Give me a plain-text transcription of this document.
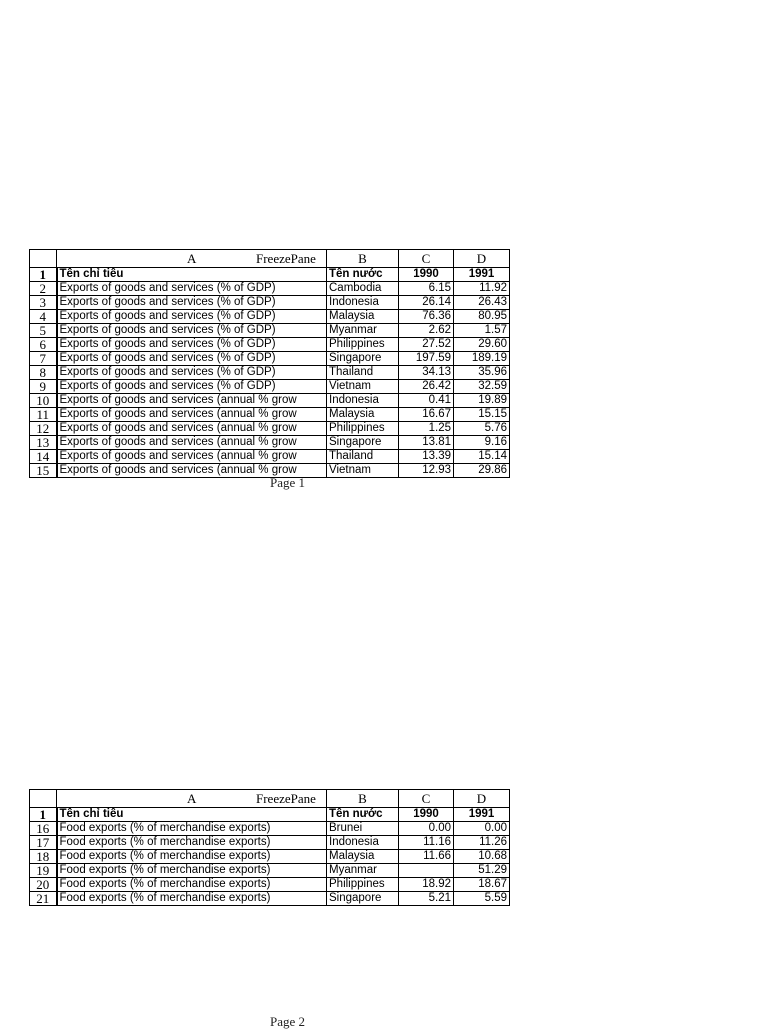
	A FreezePane	B	C	D
1	Tên chỉ tiêu	Tên nước	1990	1991
2	Exports of goods and services (% of GDP)	Cambodia	6.15	11.92
3	Exports of goods and services (% of GDP)	Indonesia	26.14	26.43
4	Exports of goods and services (% of GDP)	Malaysia	76.36	80.95
5	Exports of goods and services (% of GDP)	Myanmar	2.62	1.57
6	Exports of goods and services (% of GDP)	Philippines	27.52	29.60
7	Exports of goods and services (% of GDP)	Singapore	197.59	189.19
8	Exports of goods and services (% of GDP)	Thailand	34.13	35.96
9	Exports of goods and services (% of GDP)	Vietnam	26.42	32.59
10	Exports of goods and services (annual % grow	Indonesia	0.41	19.89
11	Exports of goods and services (annual % grow	Malaysia	16.67	15.15
12	Exports of goods and services (annual % grow	Philippines	1.25	5.76
13	Exports of goods and services (annual % grow	Singapore	13.81	9.16
14	Exports of goods and services (annual % grow	Thailand	13.39	15.14
15	Exports of goods and services (annual % grow	Vietnam	12.93	29.86
Page 1

	A FreezePane	B	C	D
1	Tên chỉ tiêu	Tên nước	1990	1991
16	Food exports (% of merchandise exports)	Brunei	0.00	0.00
17	Food exports (% of merchandise exports)	Indonesia	11.16	11.26
18	Food exports (% of merchandise exports)	Malaysia	11.66	10.68
19	Food exports (% of merchandise exports)	Myanmar		51.29
20	Food exports (% of merchandise exports)	Philippines	18.92	18.67
21	Food exports (% of merchandise exports)	Singapore	5.21	5.59
Page 2
